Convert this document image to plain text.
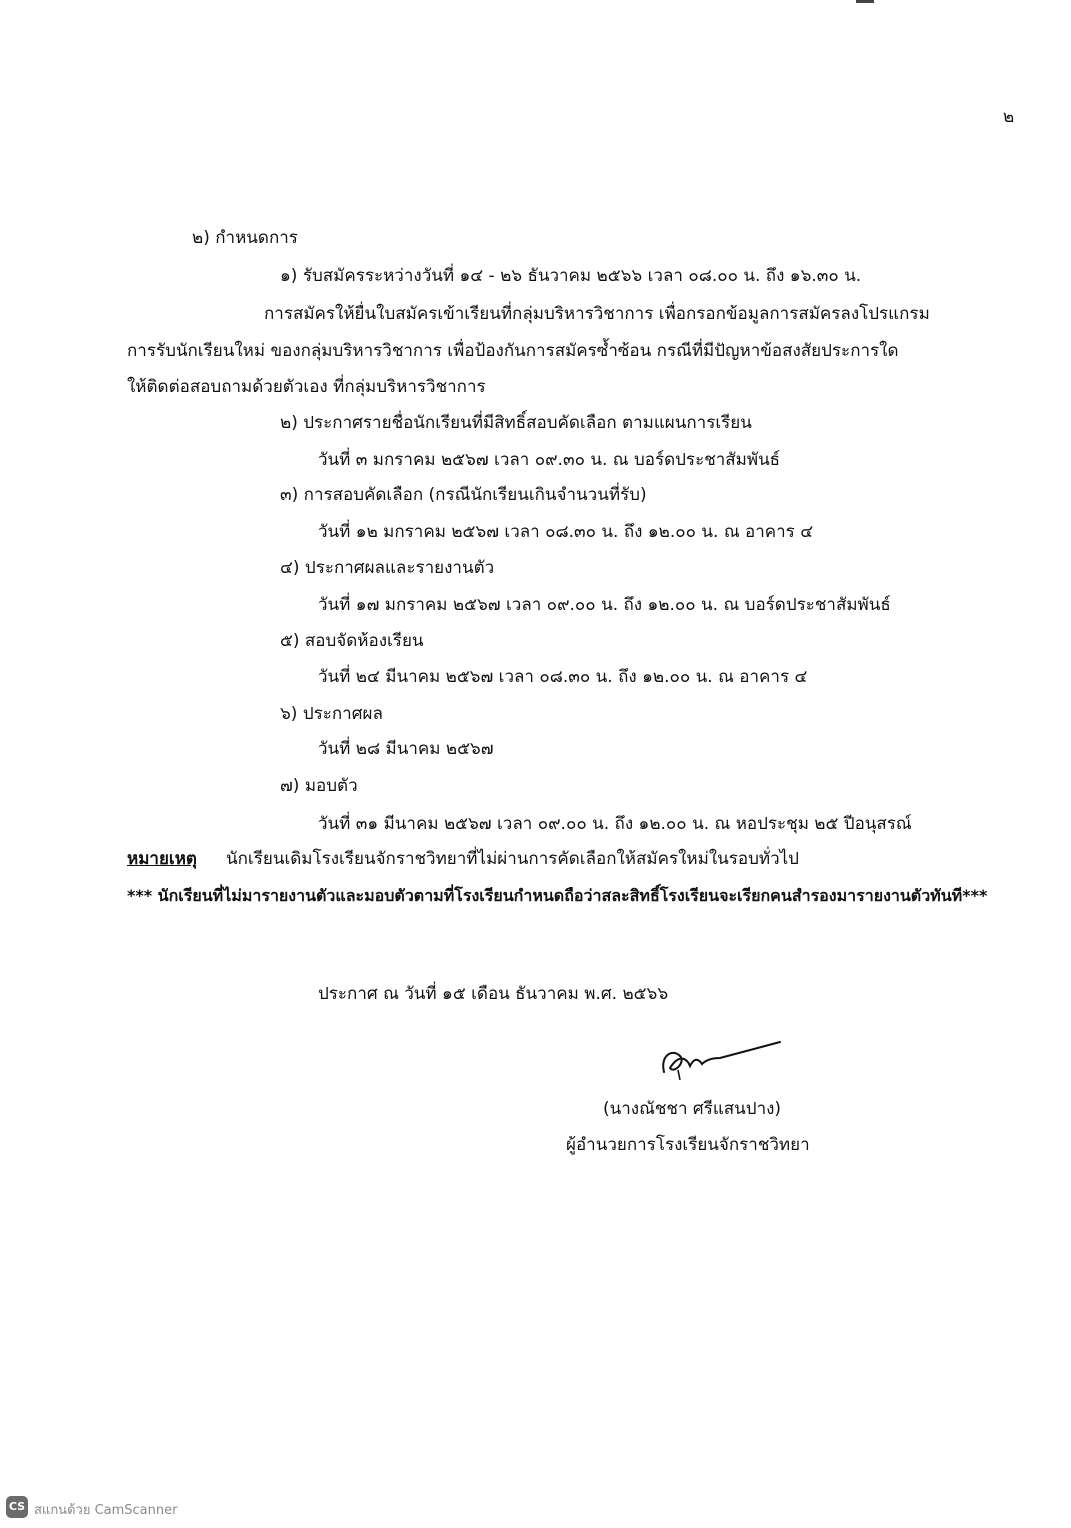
๒
๒) กำหนดการ
๑) รับสมัครระหว่างวันที่ ๑๔ - ๒๖ ธันวาคม ๒๕๖๖ เวลา ๐๘.๐๐ น. ถึง ๑๖.๓๐ น.
การสมัครให้ยื่นใบสมัครเข้าเรียนที่กลุ่มบริหารวิชาการ เพื่อกรอกข้อมูลการสมัครลงโปรแกรม
การรับนักเรียนใหม่ ของกลุ่มบริหารวิชาการ เพื่อป้องกันการสมัครซ้ำซ้อน กรณีที่มีปัญหาข้อสงสัยประการใด
ให้ติดต่อสอบถามด้วยตัวเอง ที่กลุ่มบริหารวิชาการ
๒) ประกาศรายชื่อนักเรียนที่มีสิทธิ์สอบคัดเลือก ตามแผนการเรียน
วันที่ ๓ มกราคม ๒๕๖๗ เวลา ๐๙.๓๐ น. ณ บอร์ดประชาสัมพันธ์
๓) การสอบคัดเลือก (กรณีนักเรียนเกินจำนวนที่รับ)
วันที่ ๑๒ มกราคม ๒๕๖๗ เวลา ๐๘.๓๐ น. ถึง ๑๒.๐๐ น. ณ อาคาร ๔
๔) ประกาศผลและรายงานตัว
วันที่ ๑๗ มกราคม ๒๕๖๗ เวลา ๐๙.๐๐ น. ถึง ๑๒.๐๐ น. ณ บอร์ดประชาสัมพันธ์
๕) สอบจัดห้องเรียน
วันที่ ๒๔ มีนาคม ๒๕๖๗ เวลา ๐๘.๓๐ น. ถึง ๑๒.๐๐ น. ณ อาคาร ๔
๖) ประกาศผล
วันที่ ๒๘ มีนาคม ๒๕๖๗
๗) มอบตัว
วันที่ ๓๑ มีนาคม ๒๕๖๗ เวลา ๐๙.๐๐ น. ถึง ๑๒.๐๐ น. ณ หอประชุม ๒๕ ปีอนุสรณ์
หมายเหตุ นักเรียนเดิมโรงเรียนจักราชวิทยาที่ไม่ผ่านการคัดเลือกให้สมัครใหม่ในรอบทั่วไป
*** นักเรียนที่ไม่มารายงานตัวและมอบตัวตามที่โรงเรียนกำหนดถือว่าสละสิทธิ์โรงเรียนจะเรียกคนสำรองมารายงานตัวทันที***
ประกาศ ณ วันที่ ๑๕ เดือน ธันวาคม พ.ศ. ๒๕๖๖
(นางณัชชา ศรีแสนปาง)
ผู้อำนวยการโรงเรียนจักราชวิทยา
CS สแกนด้วย CamScanner
